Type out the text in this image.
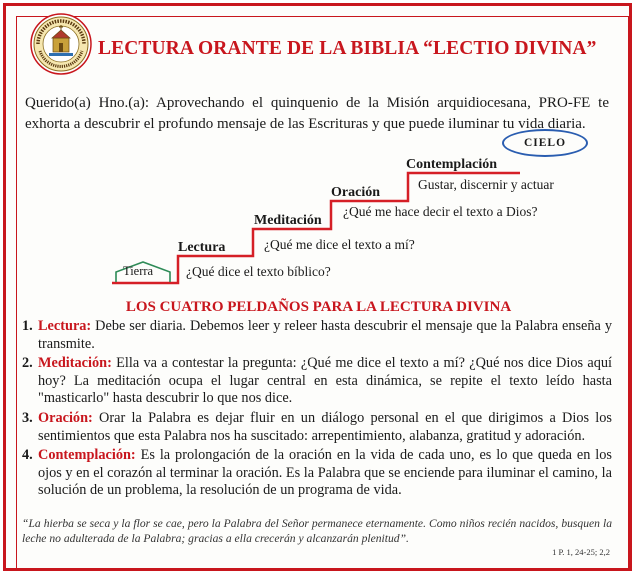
LECTURA ORANTE DE LA BIBLIA “LECTIO DIVINA”
Querido(a) Hno.(a): Aprovechando el quinquenio de la Misión arquidiocesana, PRO-FE te exhorta a descubrir el profundo mensaje de las Escrituras y que puede iluminar tu vida diaria.
CIELO
Tierra
Lectura
¿Qué dice el texto bíblico?
Meditación
¿Qué me dice el texto a mí?
Oración
¿Qué me hace decir el texto a Dios?
Contemplación
Gustar, discernir y actuar
LOS CUATRO PELDAÑOS PARA LA LECTURA DIVINA
1. Lectura: Debe ser diaria. Debemos leer y releer hasta descubrir el mensaje que la Palabra enseña y transmite.
2. Meditación: Ella va a contestar la pregunta: ¿Qué me dice el texto a mí? ¿Qué nos dice Dios aquí hoy? La meditación ocupa el lugar central en esta dinámica, se repite el texto leído hasta "masticarlo" hasta descubrir lo que nos dice.
3. Oración: Orar la Palabra es dejar fluir en un diálogo personal en el que dirigimos a Dios los sentimientos que esta Palabra nos ha suscitado: arrepentimiento, alabanza, gratitud y adoración.
4. Contemplación: Es la prolongación de la oración en la vida de cada uno, es lo que queda en los ojos y en el corazón al terminar la oración. Es la Palabra que se enciende para iluminar el camino, la solución de un problema, la resolución de un programa de vida.
“La hierba se seca y la flor se cae, pero la Palabra del Señor permanece eternamente. Como niños recién nacidos, busquen la leche no adulterada de la Palabra; gracias a ella crecerán y alcanzarán plenitud”.
1 P. 1, 24-25; 2,2
